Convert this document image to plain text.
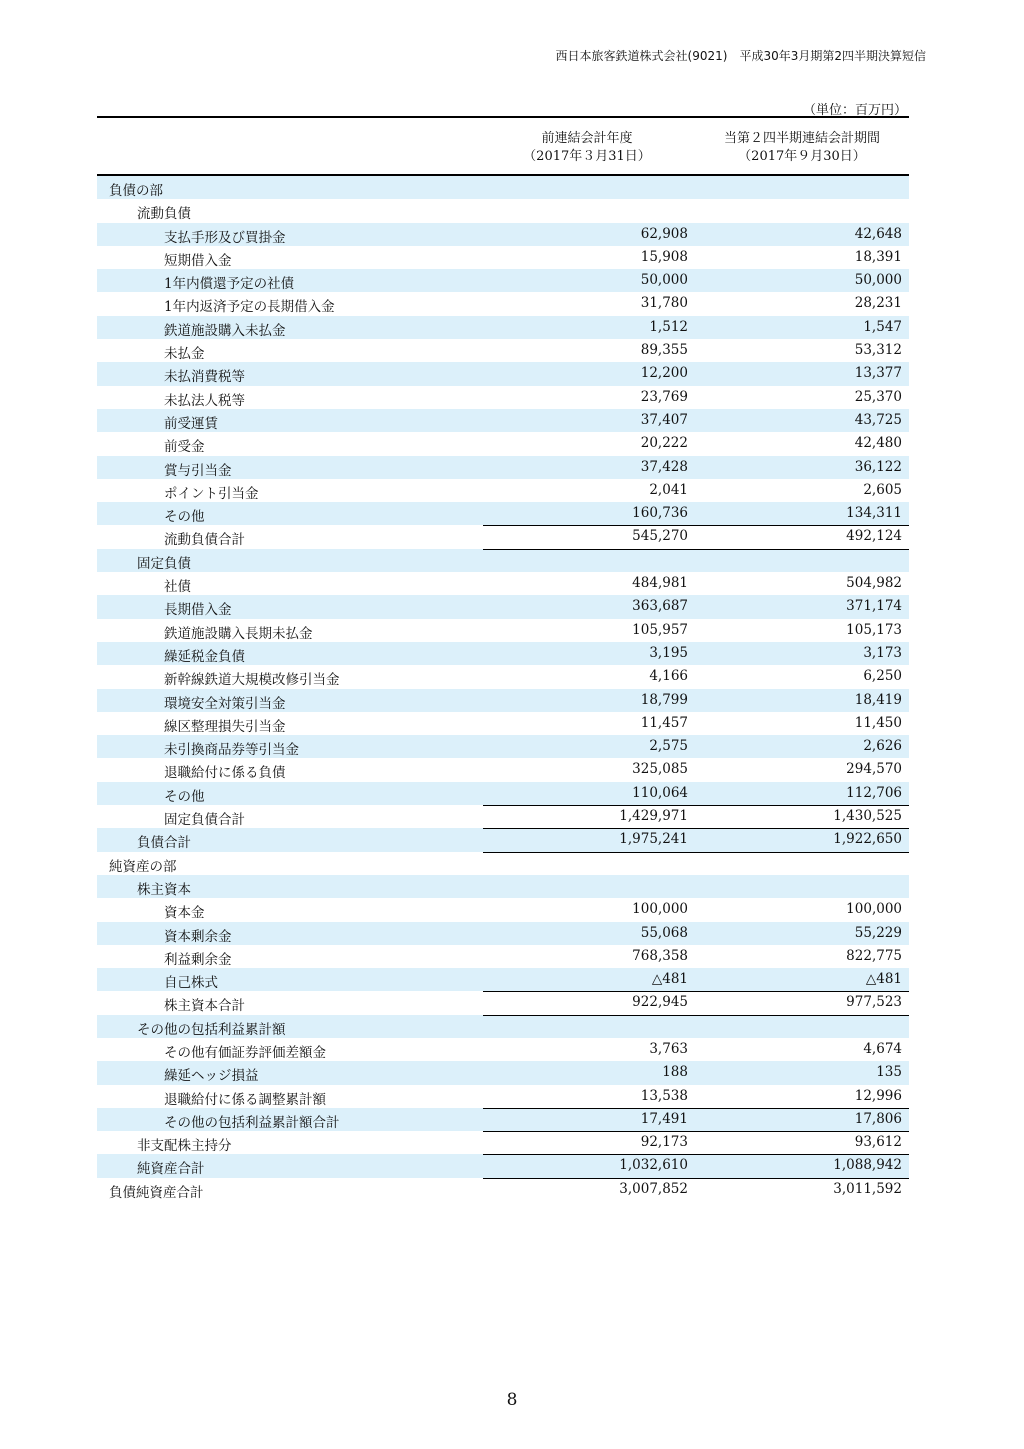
西日本旅客鉄道株式会社(9021)　平成30年3月期第2四半期決算短信
（単位：百万円）
前連結会計年度
（2017年３月31日）
当第２四半期連結会計期間
（2017年９月30日）
負債の部
流動負債
支払手形及び買掛金	62,908	42,648
短期借入金	15,908	18,391
1年内償還予定の社債	50,000	50,000
1年内返済予定の長期借入金	31,780	28,231
鉄道施設購入未払金	1,512	1,547
未払金	89,355	53,312
未払消費税等	12,200	13,377
未払法人税等	23,769	25,370
前受運賃	37,407	43,725
前受金	20,222	42,480
賞与引当金	37,428	36,122
ポイント引当金	2,041	2,605
その他	160,736	134,311
流動負債合計	545,270	492,124
固定負債
社債	484,981	504,982
長期借入金	363,687	371,174
鉄道施設購入長期未払金	105,957	105,173
繰延税金負債	3,195	3,173
新幹線鉄道大規模改修引当金	4,166	6,250
環境安全対策引当金	18,799	18,419
線区整理損失引当金	11,457	11,450
未引換商品券等引当金	2,575	2,626
退職給付に係る負債	325,085	294,570
その他	110,064	112,706
固定負債合計	1,429,971	1,430,525
負債合計	1,975,241	1,922,650
純資産の部
株主資本
資本金	100,000	100,000
資本剰余金	55,068	55,229
利益剰余金	768,358	822,775
自己株式	△481	△481
株主資本合計	922,945	977,523
その他の包括利益累計額
その他有価証券評価差額金	3,763	4,674
繰延ヘッジ損益	188	135
退職給付に係る調整累計額	13,538	12,996
その他の包括利益累計額合計	17,491	17,806
非支配株主持分	92,173	93,612
純資産合計	1,032,610	1,088,942
負債純資産合計	3,007,852	3,011,592
8
